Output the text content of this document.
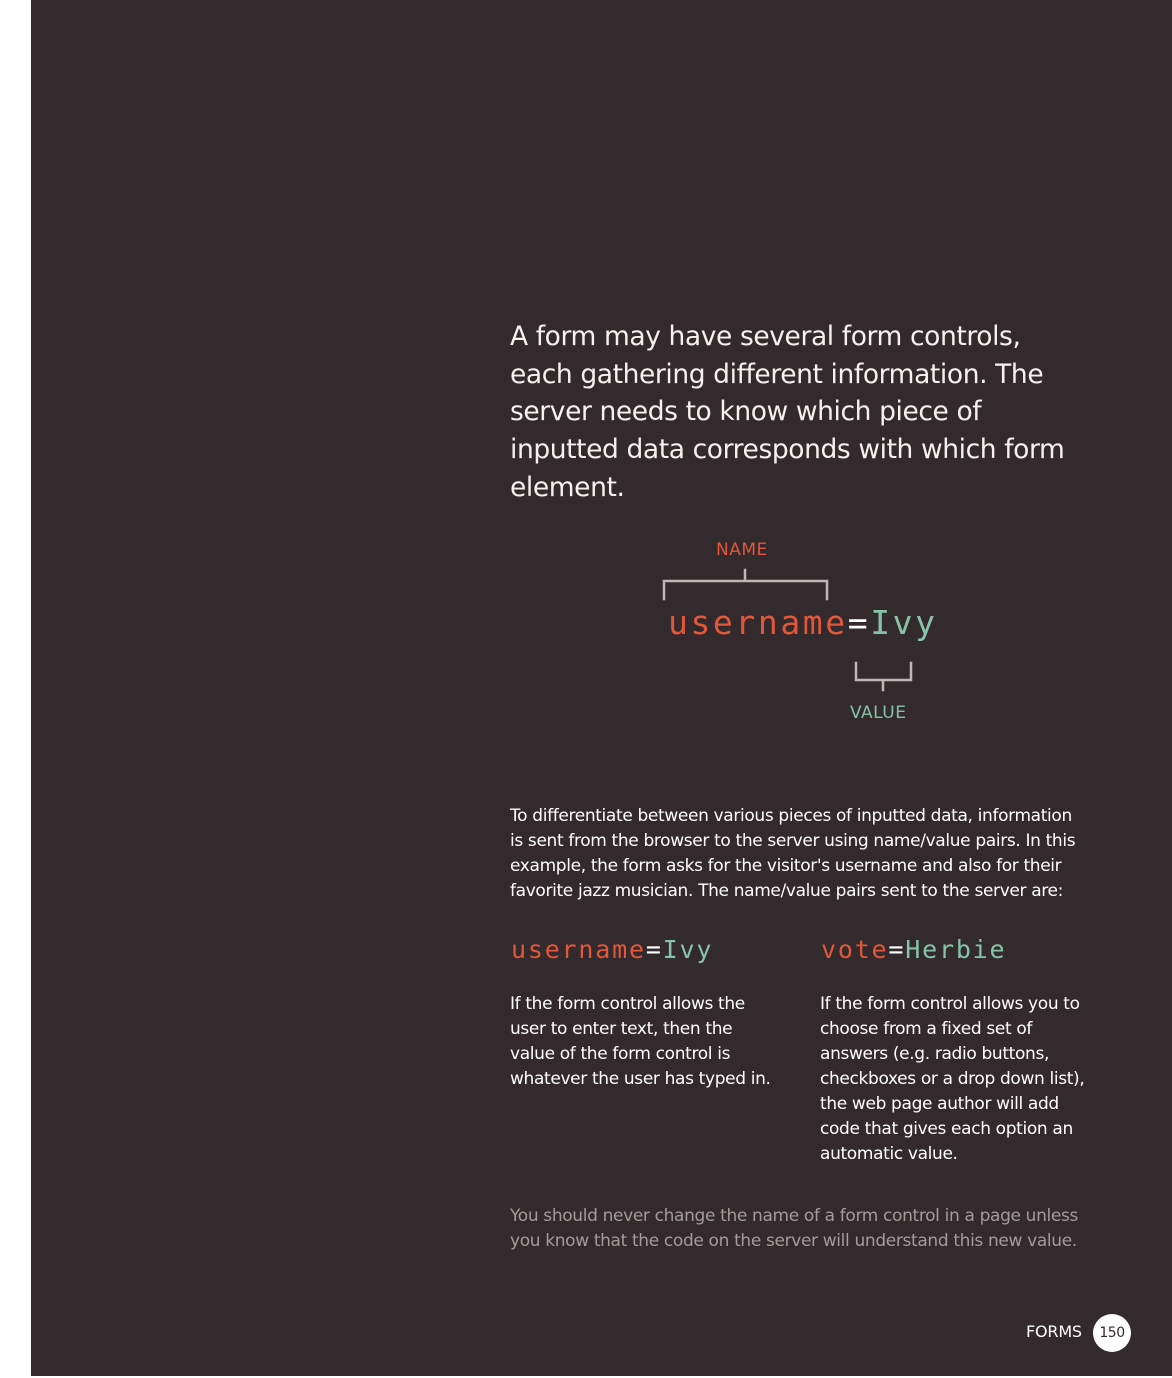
A form may have several form controls, each gathering different information. The server needs to know which piece of inputted data corresponds with which form element.

NAME

username=Ivy

VALUE

To differentiate between various pieces of inputted data, information is sent from the browser to the server using name/value pairs. In this example, the form asks for the visitor's username and also for their favorite jazz musician. The name/value pairs sent to the server are:

username=Ivy	vote=Herbie

If the form control allows the user to enter text, then the value of the form control is whatever the user has typed in.

If the form control allows you to choose from a fixed set of answers (e.g. radio buttons, checkboxes or a drop down list), the web page author will add code that gives each option an automatic value.

You should never change the name of a form control in a page unless you know that the code on the server will understand this new value.

FORMS	150
